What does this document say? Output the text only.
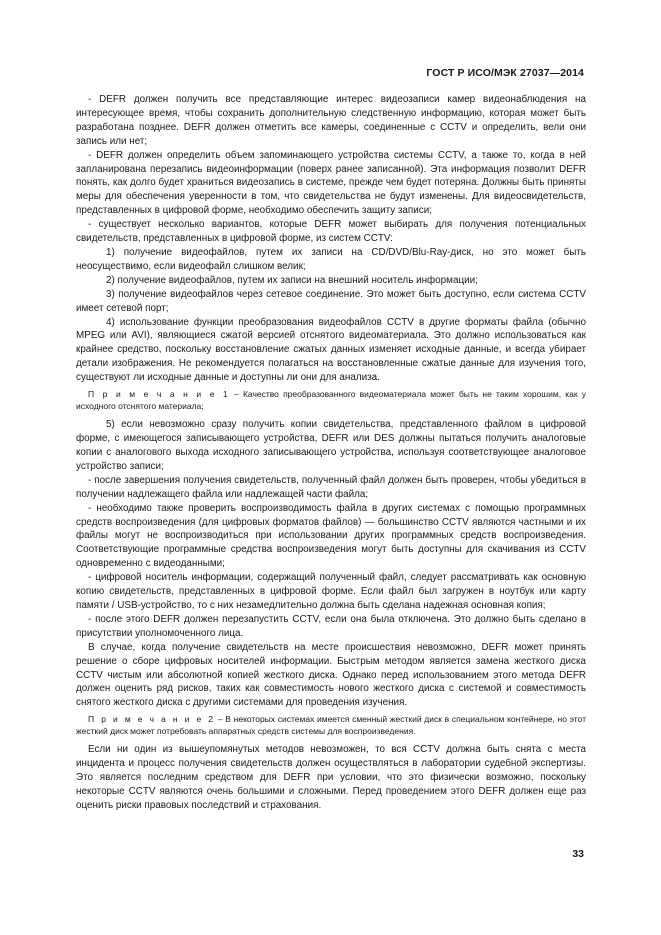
ГОСТ Р ИСО/МЭК 27037—2014

- DEFR должен получить все представляющие интерес видеозаписи камер видеонаблюдения на интересующее время, чтобы сохранить дополнительную следственную информацию, которая может быть разработана позднее. DEFR должен отметить все камеры, соединенные с CCTV и определить, вели они запись или нет;

- DEFR должен определить объем запоминающего устройства системы CCTV, а также то, когда в ней запланирована перезапись видеоинформации (поверх ранее записанной). Эта информация позволит DEFR понять, как долго будет храниться видеозапись в системе, прежде чем будет потеряна. Должны быть приняты меры для обеспечения уверенности в том, что свидетельства не будут изменены. Для видеосвидетельств, представленных в цифровой форме, необходимо обеспечить защиту записи;

- существует несколько вариантов, которые DEFR может выбирать для получения потенциальных свидетельств, представленных в цифровой форме, из систем CCTV:

1) получение видеофайлов, путем их записи на CD/DVD/Blu-Ray-диск, но это может быть неосуществимо, если видеофайл слишком велик;

2) получение видеофайлов, путем их записи на внешний носитель информации;

3) получение видеофайлов через сетевое соединение. Это может быть доступно, если система CCTV имеет сетевой порт;

4) использование функции преобразования видеофайлов CCTV в другие форматы файла (обычно MPEG или AVI), являющиеся сжатой версией отснятого видеоматериала. Это должно использоваться как крайнее средство, поскольку восстановление сжатых данных изменяет исходные данные, и всегда убирает детали изображения. Не рекомендуется полагаться на восстановленные сжатые данные для изучения того, существуют ли исходные данные и доступны ли они для анализа.

П р и м е ч а н и е 1 – Качество преобразованного видеоматериала может быть не таким хорошим, как у исходного отснятого материала;

5) если невозможно сразу получить копии свидетельства, представленного файлом в цифровой форме, с имеющегося записывающего устройства, DEFR или DES должны пытаться получить аналоговые копии с аналогового выхода исходного записывающего устройства, используя соответствующее аналоговое устройство записи;

- после завершения получения свидетельств, полученный файл должен быть проверен, чтобы убедиться в получении надлежащего файла или надлежащей части файла;

- необходимо также проверить воспроизводимость файла в других системах с помощью программных средств воспроизведения (для цифровых форматов файлов) — большинство CCTV являются частными и их файлы могут не воспроизводиться при использовании других программных средств воспроизведения. Соответствующие программные средства воспроизведения могут быть доступны для скачивания из CCTV одновременно с видеоданными;

- цифровой носитель информации, содержащий полученный файл, следует рассматривать как основную копию свидетельств, представленных в цифровой форме. Если файл был загружен в ноутбук или карту памяти / USB-устройство, то с них незамедлительно должна быть сделана надежная основная копия;

- после этого DEFR должен перезапустить CCTV, если она была отключена. Это должно быть сделано в присутствии уполномоченного лица.

В случае, когда получение свидетельств на месте происшествия невозможно, DEFR может принять решение о сборе цифровых носителей информации. Быстрым методом является замена жесткого диска CCTV чистым или абсолютной копией жесткого диска. Однако перед использованием этого метода DEFR должен оценить ряд рисков, таких как совместимость нового жесткого диска с системой и совместимость снятого жесткого диска с другими системами для проведения изучения.

П р и м е ч а н и е 2 – В некоторых системах имеется сменный жесткий диск в специальном контейнере, но этот жесткий диск может потребовать аппаратных средств системы для воспроизведения.

Если ни один из вышеупомянутых методов невозможен, то вся CCTV должна быть снята с места инцидента и процесс получения свидетельств должен осуществляться в лаборатории судебной экспертизы. Это является последним средством для DEFR при условии, что это физически возможно, поскольку некоторые CCTV являются очень большими и сложными. Перед проведением этого DEFR должен еще раз оценить риски правовых последствий и страхования.

33
